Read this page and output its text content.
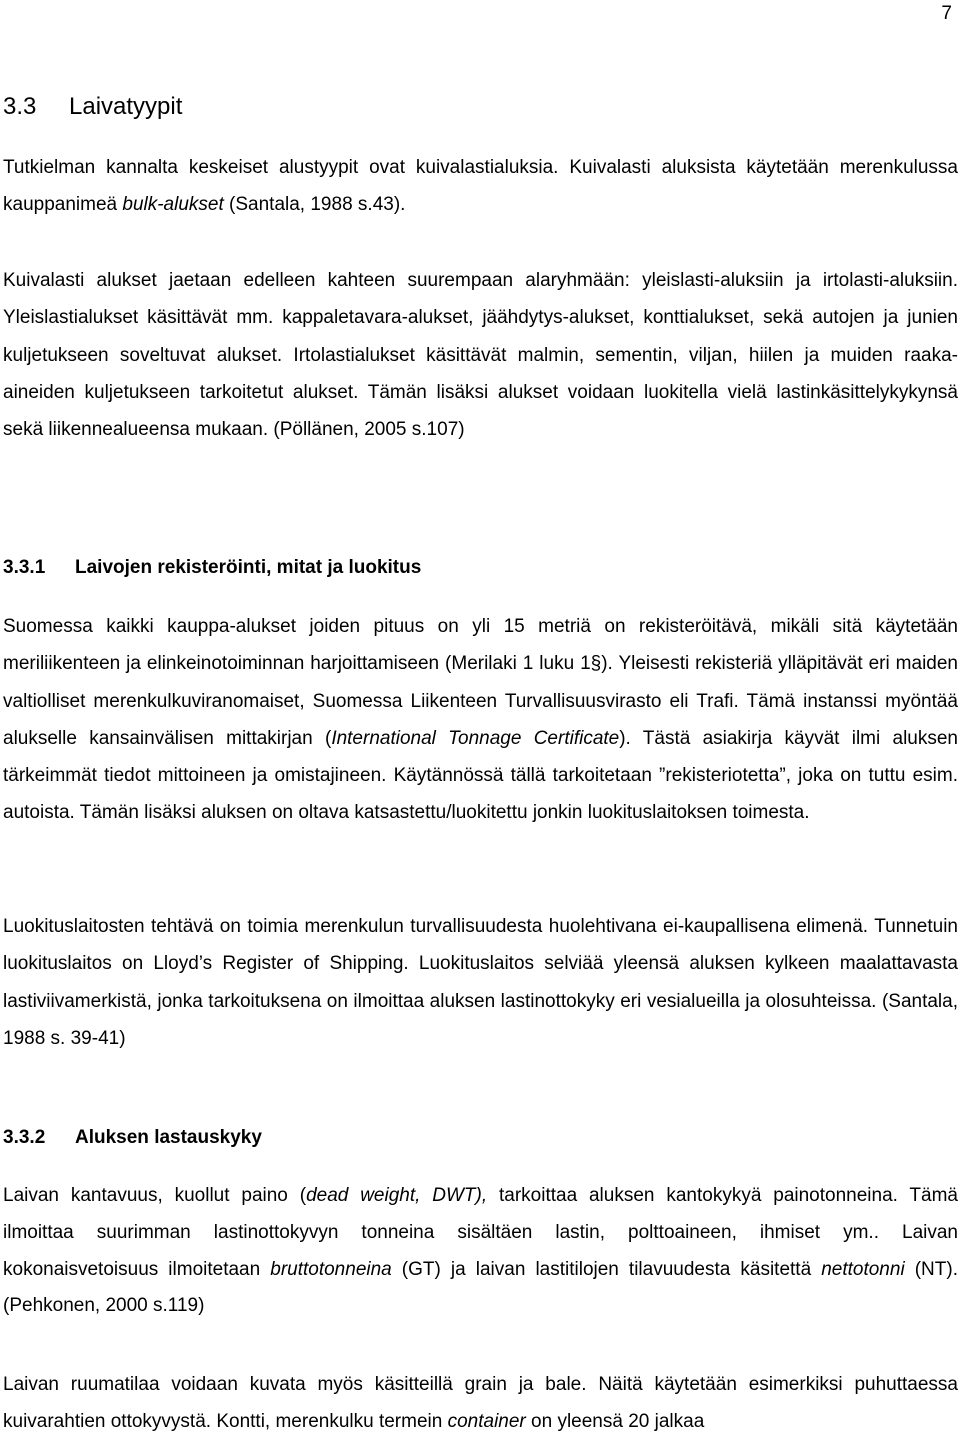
7
3.3 Laivatyypit

Tutkielman kannalta keskeiset alustyypit ovat kuivalastialuksia. Kuivalasti aluksista käytetään merenkulussa kauppanimeä bulk-alukset (Santala, 1988 s.43).

Kuivalasti alukset jaetaan edelleen kahteen suurempaan alaryhmään: yleislasti-aluksiin ja irtolasti-aluksiin. Yleislastialukset käsittävät mm. kappaletavara-alukset, jäähdytys-alukset, konttialukset, sekä autojen ja junien kuljetukseen soveltuvat alukset. Irtolastialukset käsittävät malmin, sementin, viljan, hiilen ja muiden raaka-aineiden kuljetukseen tarkoitetut alukset. Tämän lisäksi alukset voidaan luokitella vielä lastinkäsittelykykynsä sekä liikennealueensa mukaan. (Pöllänen, 2005 s.107)

3.3.1 Laivojen rekisteröinti, mitat ja luokitus

Suomessa kaikki kauppa-alukset joiden pituus on yli 15 metriä on rekisteröitävä, mikäli sitä käytetään meriliikenteen ja elinkeinotoiminnan harjoittamiseen (Merilaki 1 luku 1§). Yleisesti rekisteriä ylläpitävät eri maiden valtiolliset merenkulkuviranomaiset, Suomessa Liikenteen Turvallisuusvirasto eli Trafi. Tämä instanssi myöntää alukselle kansainvälisen mittakirjan (International Tonnage Certificate). Tästä asiakirja käyvät ilmi aluksen tärkeimmät tiedot mittoineen ja omistajineen. Käytännössä tällä tarkoitetaan ”rekisteriotetta”, joka on tuttu esim. autoista. Tämän lisäksi aluksen on oltava katsastettu/luokitettu jonkin luokituslaitoksen toimesta.

Luokituslaitosten tehtävä on toimia merenkulun turvallisuudesta huolehtivana ei-kaupallisena elimenä. Tunnetuin luokituslaitos on Lloyd’s Register of Shipping. Luokituslaitos selviää yleensä aluksen kylkeen maalattavasta lastiviivamerkistä, jonka tarkoituksena on ilmoittaa aluksen lastinottokyky eri vesialueilla ja olosuhteissa. (Santala, 1988 s. 39-41)

3.3.2 Aluksen lastauskyky

Laivan kantavuus, kuollut paino (dead weight, DWT), tarkoittaa aluksen kantokykyä painotonneina. Tämä ilmoittaa suurimman lastinottokyvyn tonneina sisältäen lastin, polttoaineen, ihmiset ym.. Laivan kokonaisvetoisuus ilmoitetaan bruttotonneina (GT) ja laivan lastitilojen tilavuudesta käsitettä nettotonni (NT). (Pehkonen, 2000 s.119)

Laivan ruumatilaa voidaan kuvata myös käsitteillä grain ja bale. Näitä käytetään esimerkiksi puhuttaessa kuivarahtien ottokyvystä. Kontti, merenkulku termein container on yleensä 20 jalkaa
